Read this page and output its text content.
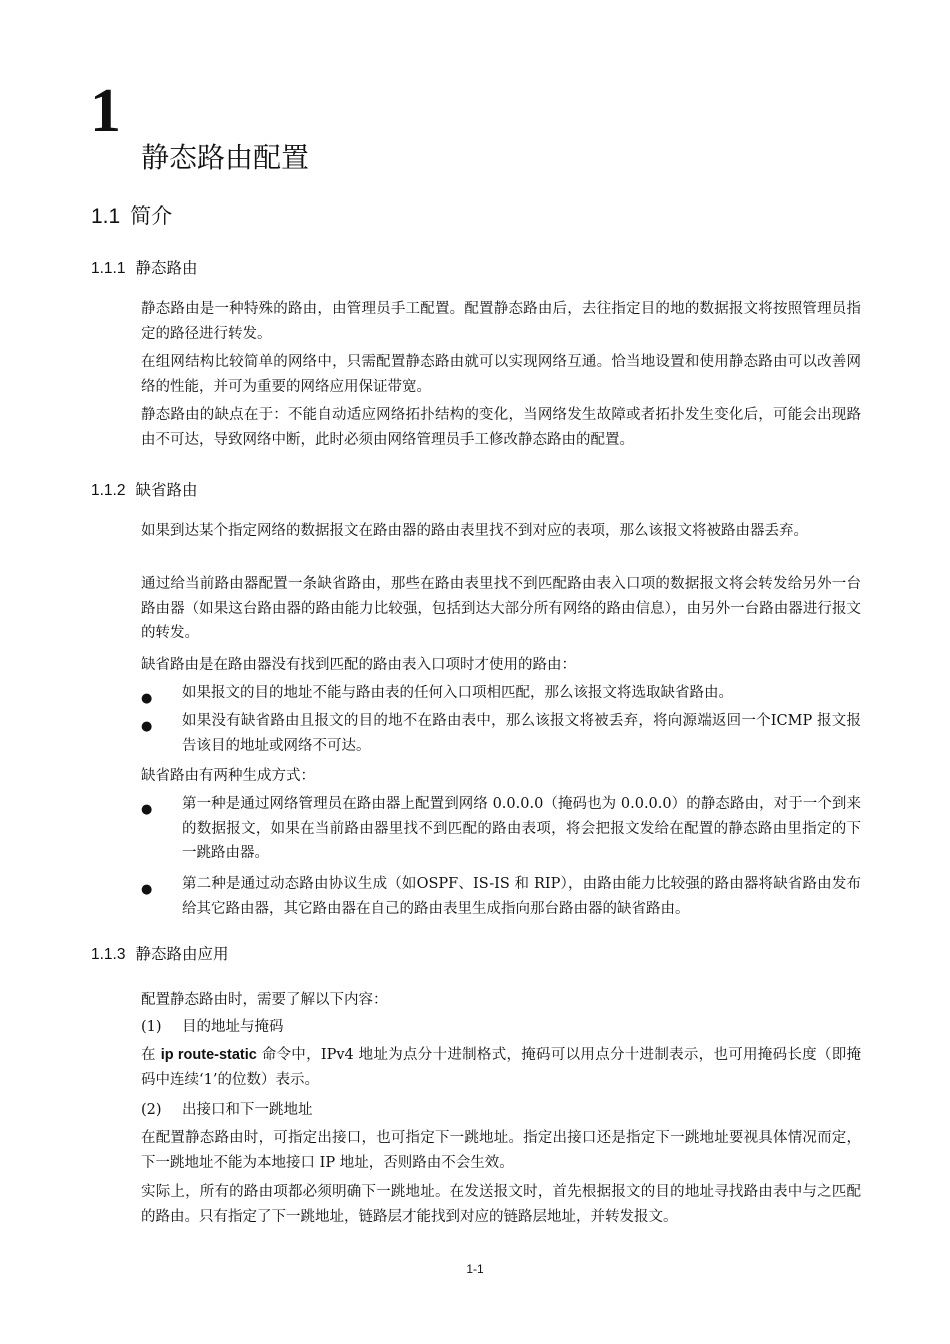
1
静态路由配置
1.1 简介
1.1.1 静态路由
静态路由是一种特殊的路由，由管理员手工配置。配置静态路由后，去往指定目的地的数据报文将按照管理员指定的路径进行转发。
在组网结构比较简单的网络中，只需配置静态路由就可以实现网络互通。恰当地设置和使用静态路由可以改善网络的性能，并可为重要的网络应用保证带宽。
静态路由的缺点在于：不能自动适应网络拓扑结构的变化，当网络发生故障或者拓扑发生变化后，可能会出现路由不可达，导致网络中断，此时必须由网络管理员手工修改静态路由的配置。
1.1.2 缺省路由
如果到达某个指定网络的数据报文在路由器的路由表里找不到对应的表项，那么该报文将被路由器丢弃。
通过给当前路由器配置一条缺省路由，那些在路由表里找不到匹配路由表入口项的数据报文将会转发给另外一台路由器（如果这台路由器的路由能力比较强，包括到达大部分所有网络的路由信息），由另外一台路由器进行报文的转发。
缺省路由是在路由器没有找到匹配的路由表入口项时才使用的路由：
● 如果报文的目的地址不能与路由表的任何入口项相匹配，那么该报文将选取缺省路由。
● 如果没有缺省路由且报文的目的地不在路由表中，那么该报文将被丢弃，将向源端返回一个ICMP 报文报告该目的地址或网络不可达。
缺省路由有两种生成方式：
● 第一种是通过网络管理员在路由器上配置到网络 0.0.0.0（掩码也为 0.0.0.0）的静态路由，对于一个到来的数据报文，如果在当前路由器里找不到匹配的路由表项，将会把报文发给在配置的静态路由里指定的下一跳路由器。
● 第二种是通过动态路由协议生成（如OSPF、IS-IS 和 RIP），由路由能力比较强的路由器将缺省路由发布给其它路由器，其它路由器在自己的路由表里生成指向那台路由器的缺省路由。
1.1.3 静态路由应用
配置静态路由时，需要了解以下内容：
(1) 目的地址与掩码
在 ip route-static 命令中，IPv4 地址为点分十进制格式，掩码可以用点分十进制表示，也可用掩码长度（即掩码中连续‘1’的位数）表示。
(2) 出接口和下一跳地址
在配置静态路由时，可指定出接口，也可指定下一跳地址。指定出接口还是指定下一跳地址要视具体情况而定，下一跳地址不能为本地接口 IP 地址，否则路由不会生效。
实际上，所有的路由项都必须明确下一跳地址。在发送报文时，首先根据报文的目的地址寻找路由表中与之匹配的路由。只有指定了下一跳地址，链路层才能找到对应的链路层地址，并转发报文。
1-1
